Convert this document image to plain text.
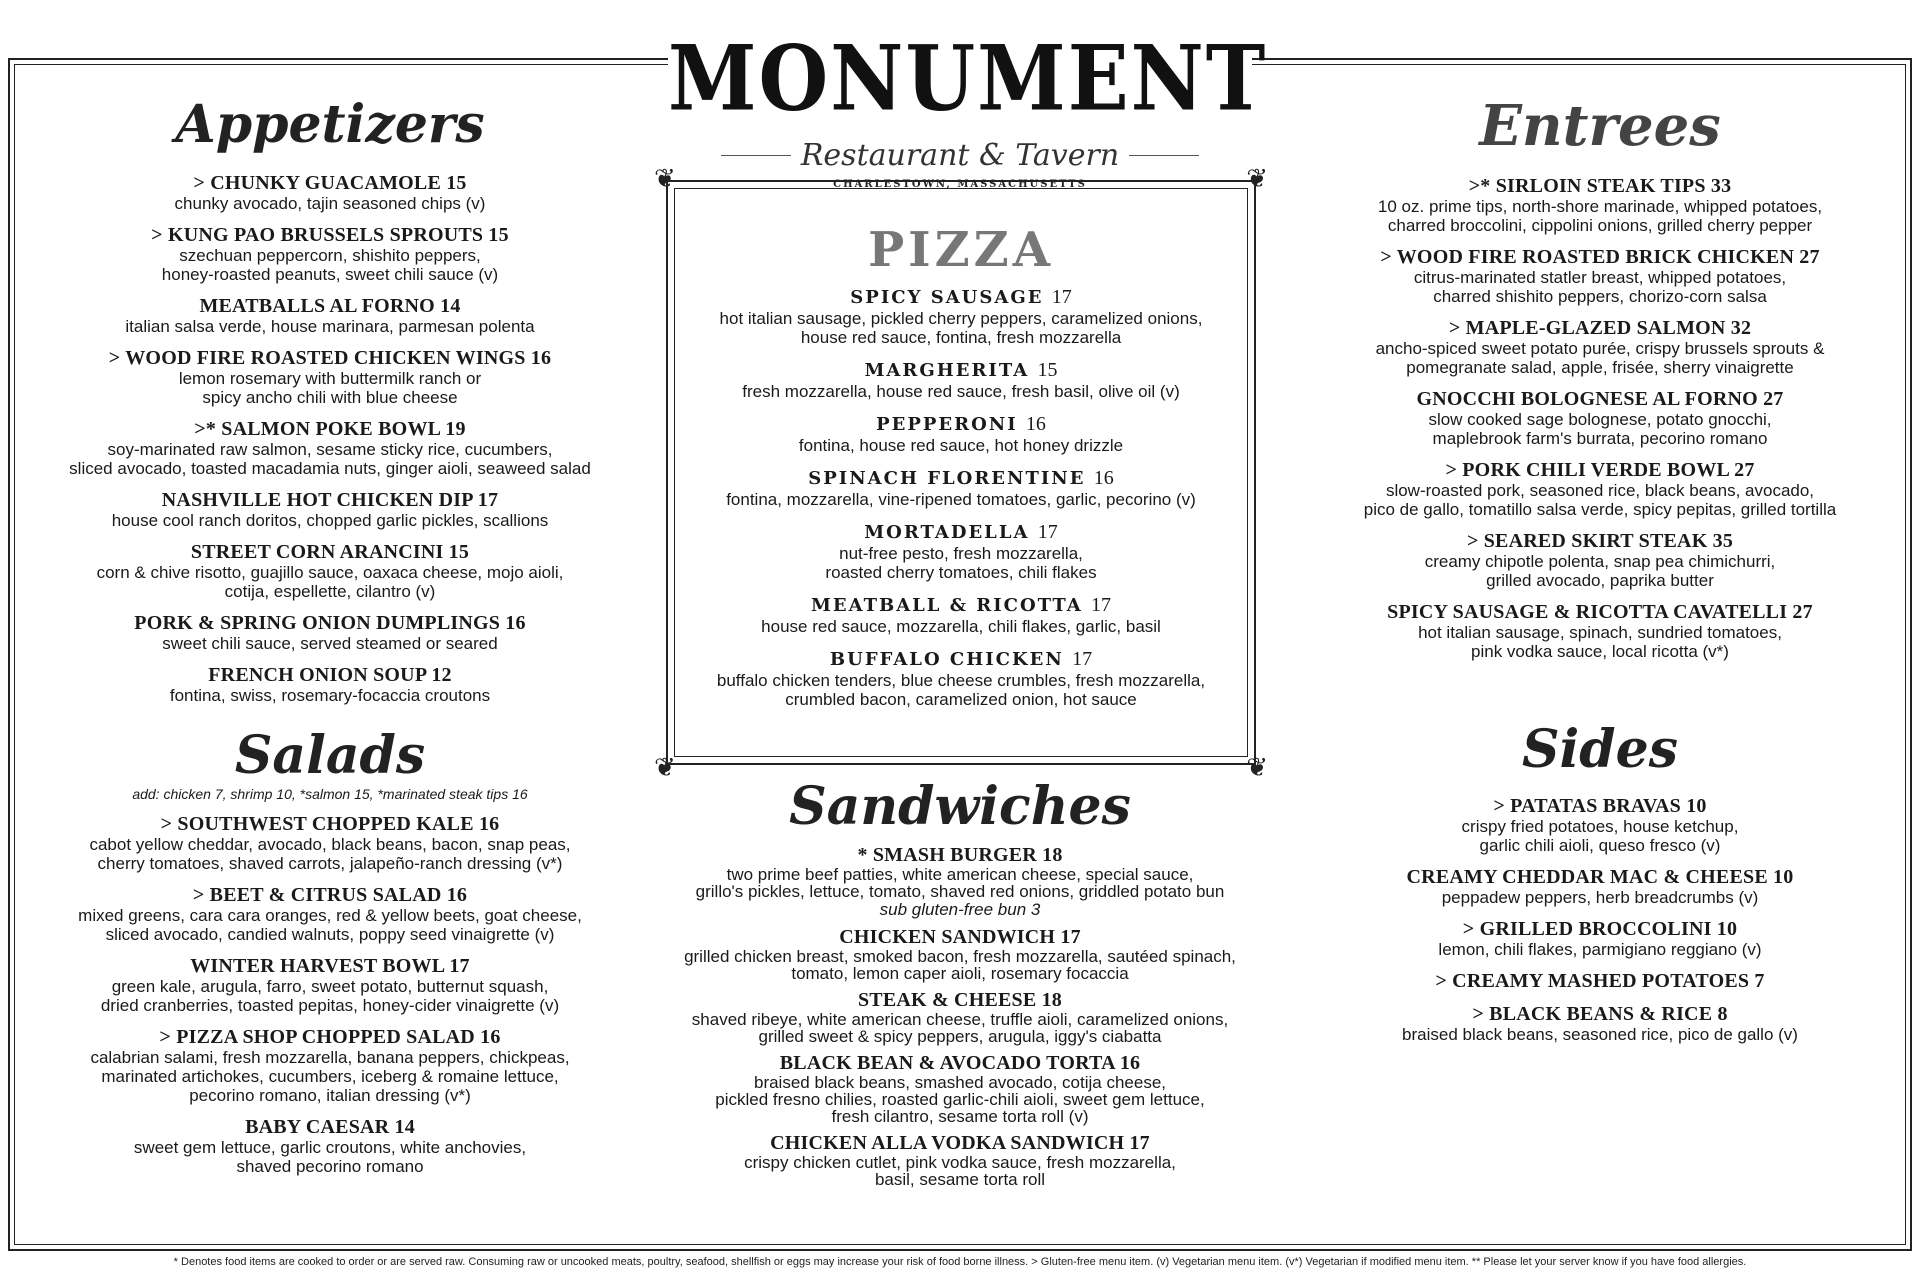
MONUMENT
Restaurant & Tavern
CHARLESTOWN, MASSACHUSETTS
Appetizers
> CHUNKY GUACAMOLE 15
chunky avocado, tajin seasoned chips (v)
> KUNG PAO BRUSSELS SPROUTS 15
szechuan peppercorn, shishito peppers,
honey-roasted peanuts, sweet chili sauce (v)
MEATBALLS AL FORNO 14
italian salsa verde, house marinara, parmesan polenta
> WOOD FIRE ROASTED CHICKEN WINGS 16
lemon rosemary with buttermilk ranch or
spicy ancho chili with blue cheese
>* SALMON POKE BOWL 19
soy-marinated raw salmon, sesame sticky rice, cucumbers,
sliced avocado, toasted macadamia nuts, ginger aioli, seaweed salad
NASHVILLE HOT CHICKEN DIP 17
house cool ranch doritos, chopped garlic pickles, scallions
STREET CORN ARANCINI 15
corn & chive risotto, guajillo sauce, oaxaca cheese, mojo aioli,
cotija, espellette, cilantro (v)
PORK & SPRING ONION DUMPLINGS 16
sweet chili sauce, served steamed or seared
FRENCH ONION SOUP 12
fontina, swiss, rosemary-focaccia croutons
Salads
add: chicken 7, shrimp 10, *salmon 15, *marinated steak tips 16
> SOUTHWEST CHOPPED KALE 16
cabot yellow cheddar, avocado, black beans, bacon, snap peas,
cherry tomatoes, shaved carrots, jalapeño-ranch dressing (v*)
> BEET & CITRUS SALAD 16
mixed greens, cara cara oranges, red & yellow beets, goat cheese,
sliced avocado, candied walnuts, poppy seed vinaigrette (v)
WINTER HARVEST BOWL 17
green kale, arugula, farro, sweet potato, butternut squash,
dried cranberries, toasted pepitas, honey-cider vinaigrette (v)
> PIZZA SHOP CHOPPED SALAD 16
calabrian salami, fresh mozzarella, banana peppers, chickpeas,
marinated artichokes, cucumbers, iceberg & romaine lettuce,
pecorino romano, italian dressing (v*)
BABY CAESAR 14
sweet gem lettuce, garlic croutons, white anchovies,
shaved pecorino romano
❦	❦
❦	❦
PIZZA
SPICY SAUSAGE 17
hot italian sausage, pickled cherry peppers, caramelized onions,
house red sauce, fontina, fresh mozzarella
MARGHERITA 15
fresh mozzarella, house red sauce, fresh basil, olive oil (v)
PEPPERONI 16
fontina, house red sauce, hot honey drizzle
SPINACH FLORENTINE 16
fontina, mozzarella, vine-ripened tomatoes, garlic, pecorino (v)
MORTADELLA 17
nut-free pesto, fresh mozzarella,
roasted cherry tomatoes, chili flakes
MEATBALL & RICOTTA 17
house red sauce, mozzarella, chili flakes, garlic, basil
BUFFALO CHICKEN 17
buffalo chicken tenders, blue cheese crumbles, fresh mozzarella,
crumbled bacon, caramelized onion, hot sauce
Sandwiches
* SMASH BURGER 18
two prime beef patties, white american cheese, special sauce,
grillo's pickles, lettuce, tomato, shaved red onions, griddled potato bun
sub gluten-free bun 3
CHICKEN SANDWICH 17
grilled chicken breast, smoked bacon, fresh mozzarella, sautéed spinach,
tomato, lemon caper aioli, rosemary focaccia
STEAK & CHEESE 18
shaved ribeye, white american cheese, truffle aioli, caramelized onions,
grilled sweet & spicy peppers, arugula, iggy's ciabatta
BLACK BEAN & AVOCADO TORTA 16
braised black beans, smashed avocado, cotija cheese,
pickled fresno chilies, roasted garlic-chili aioli, sweet gem lettuce,
fresh cilantro, sesame torta roll (v)
CHICKEN ALLA VODKA SANDWICH 17
crispy chicken cutlet, pink vodka sauce, fresh mozzarella,
basil, sesame torta roll
Entrees
>* SIRLOIN STEAK TIPS 33
10 oz. prime tips, north-shore marinade, whipped potatoes,
charred broccolini, cippolini onions, grilled cherry pepper
> WOOD FIRE ROASTED BRICK CHICKEN 27
citrus-marinated statler breast, whipped potatoes,
charred shishito peppers, chorizo-corn salsa
> MAPLE-GLAZED SALMON 32
ancho-spiced sweet potato purée, crispy brussels sprouts &
pomegranate salad, apple, frisée, sherry vinaigrette
GNOCCHI BOLOGNESE AL FORNO 27
slow cooked sage bolognese, potato gnocchi,
maplebrook farm's burrata, pecorino romano
> PORK CHILI VERDE BOWL 27
slow-roasted pork, seasoned rice, black beans, avocado,
pico de gallo, tomatillo salsa verde, spicy pepitas, grilled tortilla
> SEARED SKIRT STEAK 35
creamy chipotle polenta, snap pea chimichurri,
grilled avocado, paprika butter
SPICY SAUSAGE & RICOTTA CAVATELLI 27
hot italian sausage, spinach, sundried tomatoes,
pink vodka sauce, local ricotta (v*)
Sides
> PATATAS BRAVAS 10
crispy fried potatoes, house ketchup,
garlic chili aioli, queso fresco (v)
CREAMY CHEDDAR MAC & CHEESE 10
peppadew peppers, herb breadcrumbs (v)
> GRILLED BROCCOLINI 10
lemon, chili flakes, parmigiano reggiano (v)
> CREAMY MASHED POTATOES 7
> BLACK BEANS & RICE 8
braised black beans, seasoned rice, pico de gallo (v)
* Denotes food items are cooked to order or are served raw. Consuming raw or uncooked meats, poultry, seafood, shellfish or eggs may increase your risk of food borne illness. > Gluten-free menu item. (v) Vegetarian menu item. (v*) Vegetarian if modified menu item. ** Please let your server know if you have food allergies.
